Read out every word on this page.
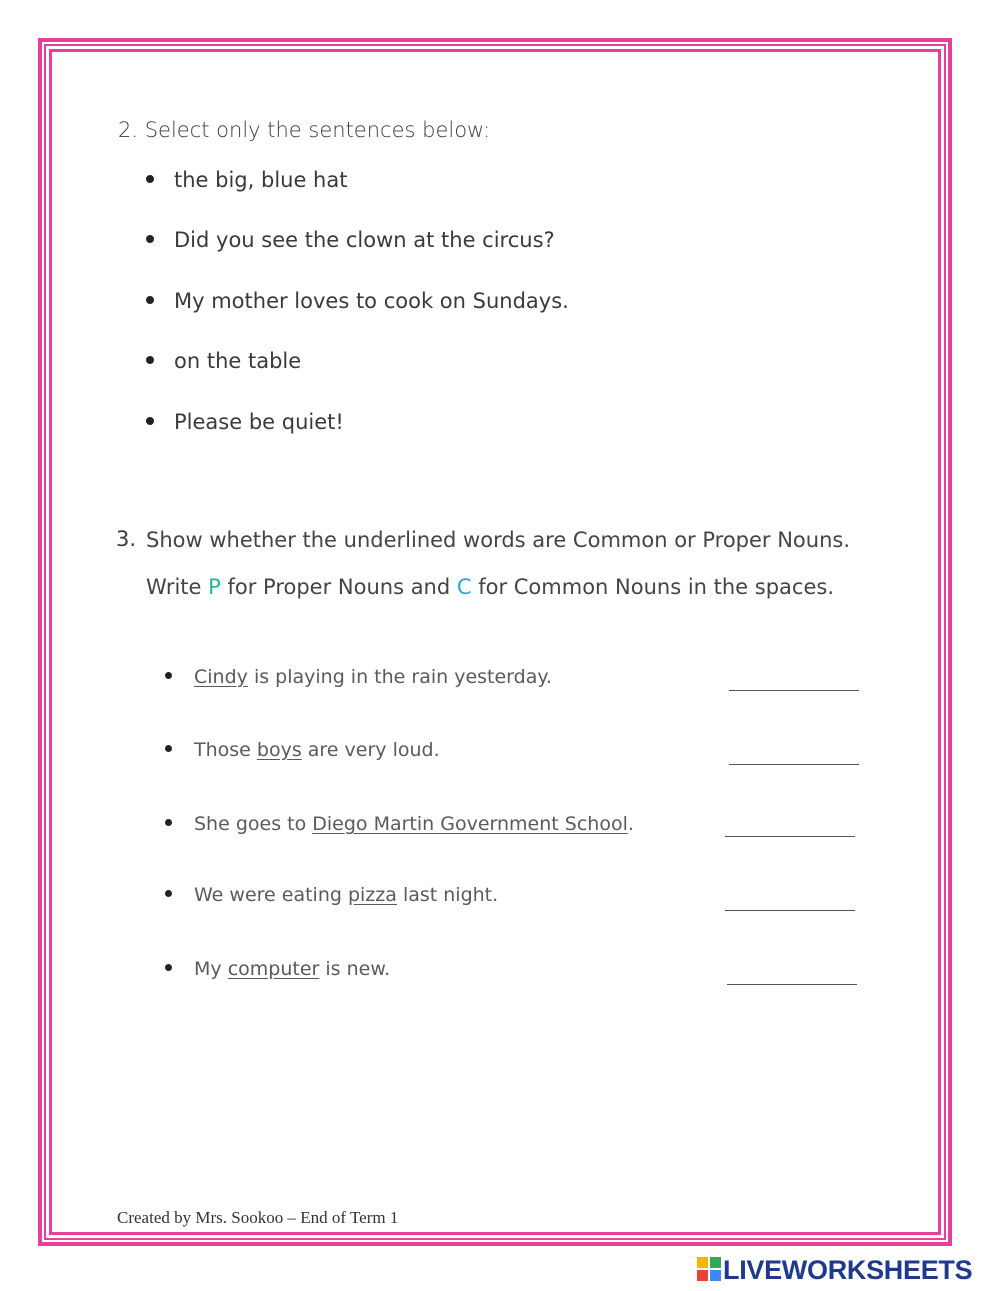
2. Select only the sentences below:
the big, blue hat
Did you see the clown at the circus?
My mother loves to cook on Sundays.
on the table
Please be quiet!
3. Show whether the underlined words are Common or Proper Nouns.
Write P for Proper Nouns and C for Common Nouns in the spaces.
Cindy is playing in the rain yesterday.
Those boys are very loud.
She goes to Diego Martin Government School.
We were eating pizza last night.
My computer is new.
Created by Mrs. Sookoo – End of Term 1
LIVEWORKSHEETS
